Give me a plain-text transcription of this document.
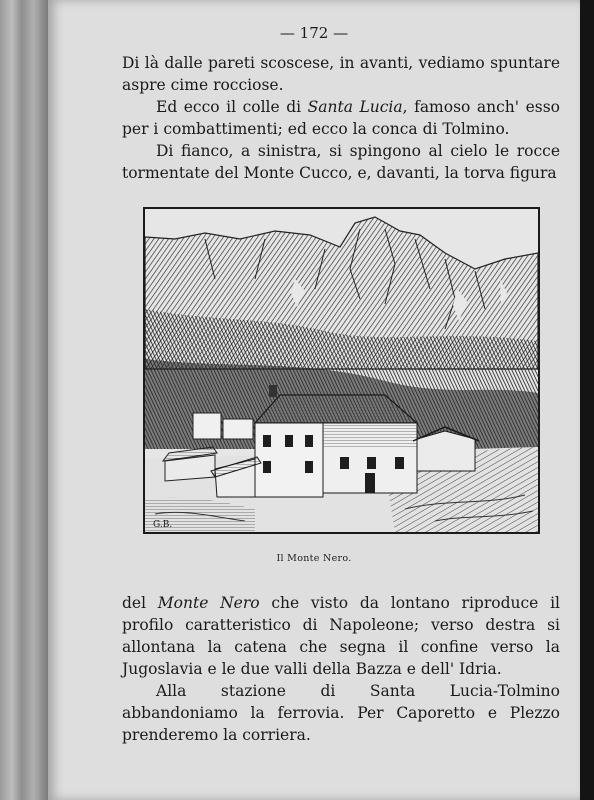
— 172 —

Di là dalle pareti scoscese, in avanti, vediamo spuntare aspre cime rocciose.

Ed ecco il colle di Santa Lucia, famoso anch' esso per i combattimenti; ed ecco la conca di Tolmino.

Di fianco, a sinistra, si spingono al cielo le rocce tormentate del Monte Cucco, e, davanti, la torva figura

G.B.
Il Monte Nero.

del Monte Nero che visto da lontano riproduce il profilo caratteristico di Napoleone; verso destra si allontana la catena che segna il confine verso la Jugoslavia e le due valli della Bazza e dell' Idria.

Alla stazione di Santa Lucia-Tolmino abbandoniamo la ferrovia. Per Caporetto e Plezzo prenderemo la corriera.
